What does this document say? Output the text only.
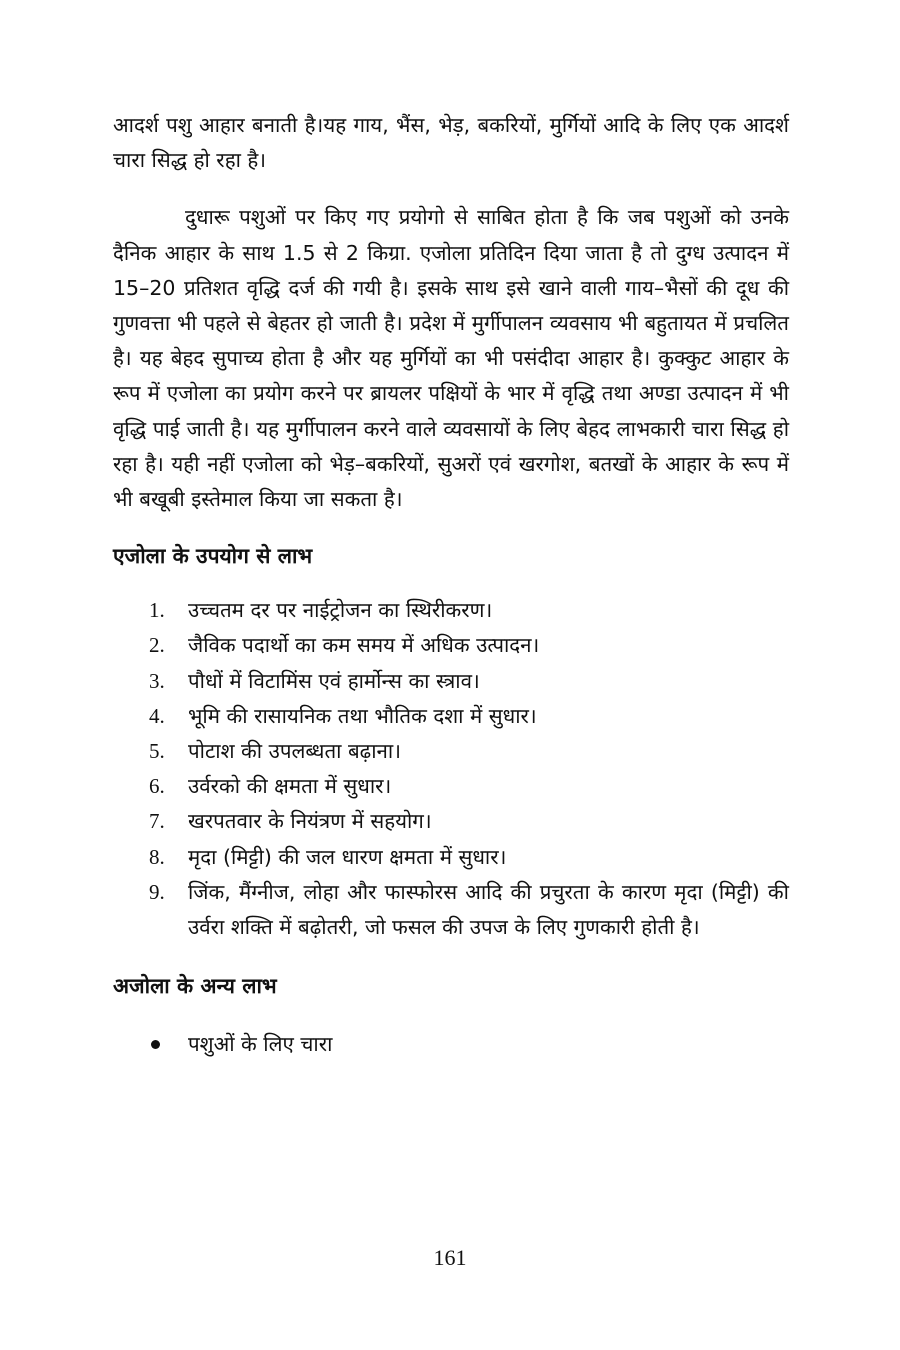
आदर्श पशु आहार बनाती है।यह गाय, भैंस, भेड़, बकरियों, मुर्गियों आदि के लिए एक आदर्श चारा सिद्ध हो रहा है।

दुधारू पशुओं पर किए गए प्रयोगो से साबित होता है कि जब पशुओं को उनके दैनिक आहार के साथ 1.5 से 2 किग्रा. एजोला प्रतिदिन दिया जाता है तो दुग्ध उत्पादन में 15–20 प्रतिशत वृद्धि दर्ज की गयी है। इसके साथ इसे खाने वाली गाय–भैसों की दूध की गुणवत्ता भी पहले से बेहतर हो जाती है। प्रदेश में मुर्गीपालन व्यवसाय भी बहुतायत में प्रचलित है। यह बेहद सुपाच्य होता है और यह मुर्गियों का भी पसंदीदा आहार है। कुक्कुट आहार के रूप में एजोला का प्रयोग करने पर ब्रायलर पक्षियों के भार में वृद्धि तथा अण्डा उत्पादन में भी वृद्धि पाई जाती है। यह मुर्गीपालन करने वाले व्यवसायों के लिए बेहद लाभकारी चारा सिद्ध हो रहा है। यही नहीं एजोला को भेड़–बकरियों, सुअरों एवं खरगोश, बतखों के आहार के रूप में भी बखूबी इस्तेमाल किया जा सकता है।

एजोला के उपयोग से लाभ
1. उच्चतम दर पर नाईट्रोजन का स्थिरीकरण।
2. जैविक पदार्थो का कम समय में अधिक उत्पादन।
3. पौधों में विटामिंस एवं हार्मोन्स का स्त्राव।
4. भूमि की रासायनिक तथा भौतिक दशा में सुधार।
5. पोटाश की उपलब्धता बढ़ाना।
6. उर्वरको की क्षमता में सुधार।
7. खरपतवार के नियंत्रण में सहयोग।
8. मृदा (मिट्टी) की जल धारण क्षमता में सुधार।
9. जिंक, मैंग्नीज, लोहा और फास्फोरस आदि की प्रचुरता के कारण मृदा (मिट्टी) की उर्वरा शक्ति में बढ़ोतरी, जो फसल की उपज के लिए गुणकारी होती है।
अजोला के अन्य लाभ
पशुओं के लिए चारा
161
